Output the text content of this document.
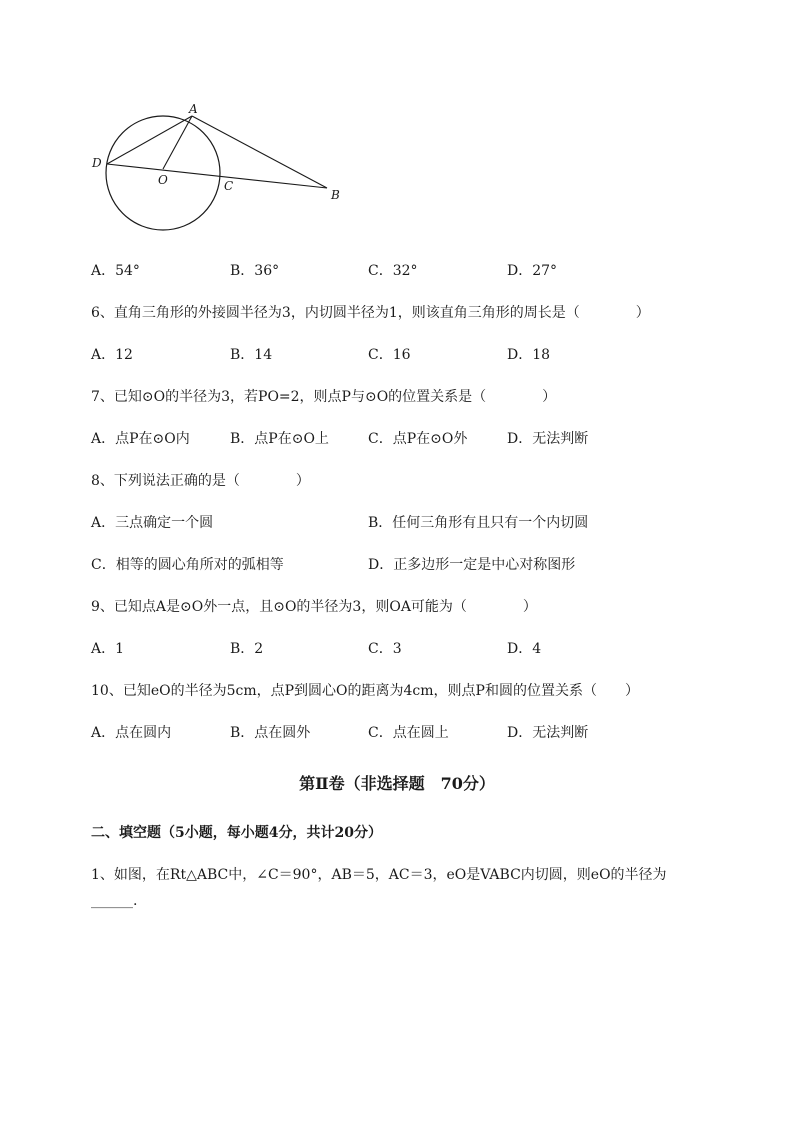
A
D
O	C
B
A．54°	B．36°	C．32°	D．27°
6、直角三角形的外接圆半径为3，内切圆半径为1，则该直角三角形的周长是（　　　　）
A．12	B．14	C．16	D．18
7、已知⊙O的半径为3，若PO=2，则点P与⊙O的位置关系是（　　　　）
A．点P在⊙O内	B．点P在⊙O上	C．点P在⊙O外	D．无法判断
8、下列说法正确的是（　　　　）
A．三点确定一个圆	B．任何三角形有且只有一个内切圆
C．相等的圆心角所对的弧相等	D．正多边形一定是中心对称图形
9、已知点A是⊙O外一点，且⊙O的半径为3，则OA可能为（　　　　）
A．1	B．2	C．3	D．4
10、已知eO的半径为5cm，点P到圆心O的距离为4cm，则点P和圆的位置关系（　　）
A．点在圆内	B．点在圆外	C．点在圆上	D．无法判断
第Ⅱ卷（非选择题　70分）
二、填空题（5小题，每小题4分，共计20分）
1、如图，在Rt△ABC中，∠C＝90°，AB＝5，AC＝3，eO是VABC内切圆，则eO的半径为
______.
